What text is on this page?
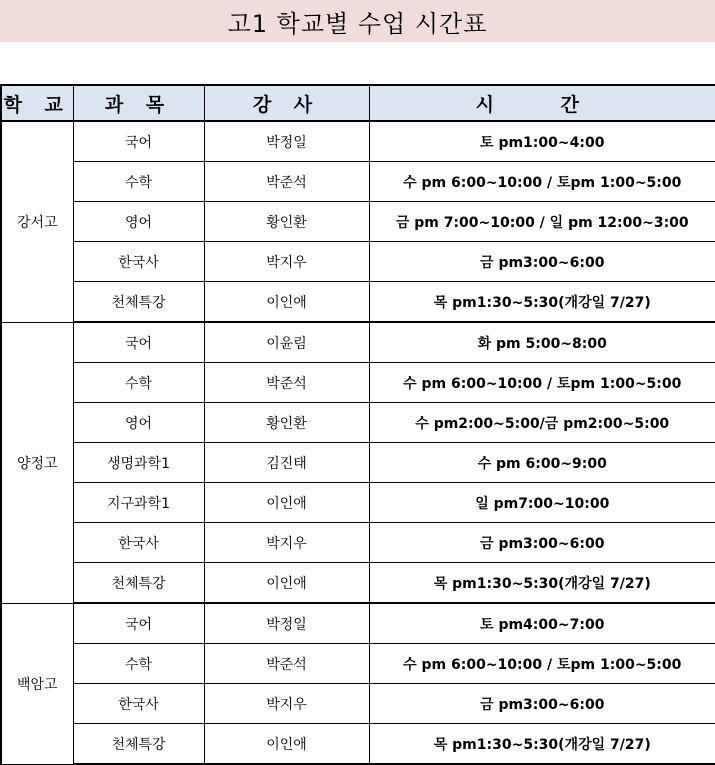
고1 학교별 수업 시간표
학 교	과 목	강 사	시 간
강서고	국어	박정일	토 pm1:00~4:00
	수학	박준석	수 pm 6:00~10:00 / 토pm 1:00~5:00
	영어	황인환	금 pm 7:00~10:00 / 일 pm 12:00~3:00
	한국사	박지우	금 pm3:00~6:00
	천체특강	이인애	목 pm1:30~5:30(개강일 7/27)
양정고	국어	이윤림	화 pm 5:00~8:00
	수학	박준석	수 pm 6:00~10:00 / 토pm 1:00~5:00
	영어	황인환	수 pm2:00~5:00/금 pm2:00~5:00
	생명과학1	김진태	수 pm 6:00~9:00
	지구과학1	이인애	일 pm7:00~10:00
	한국사	박지우	금 pm3:00~6:00
	천체특강	이인애	목 pm1:30~5:30(개강일 7/27)
백암고	국어	박정일	토 pm4:00~7:00
	수학	박준석	수 pm 6:00~10:00 / 토pm 1:00~5:00
	한국사	박지우	금 pm3:00~6:00
	천체특강	이인애	목 pm1:30~5:30(개강일 7/27)
